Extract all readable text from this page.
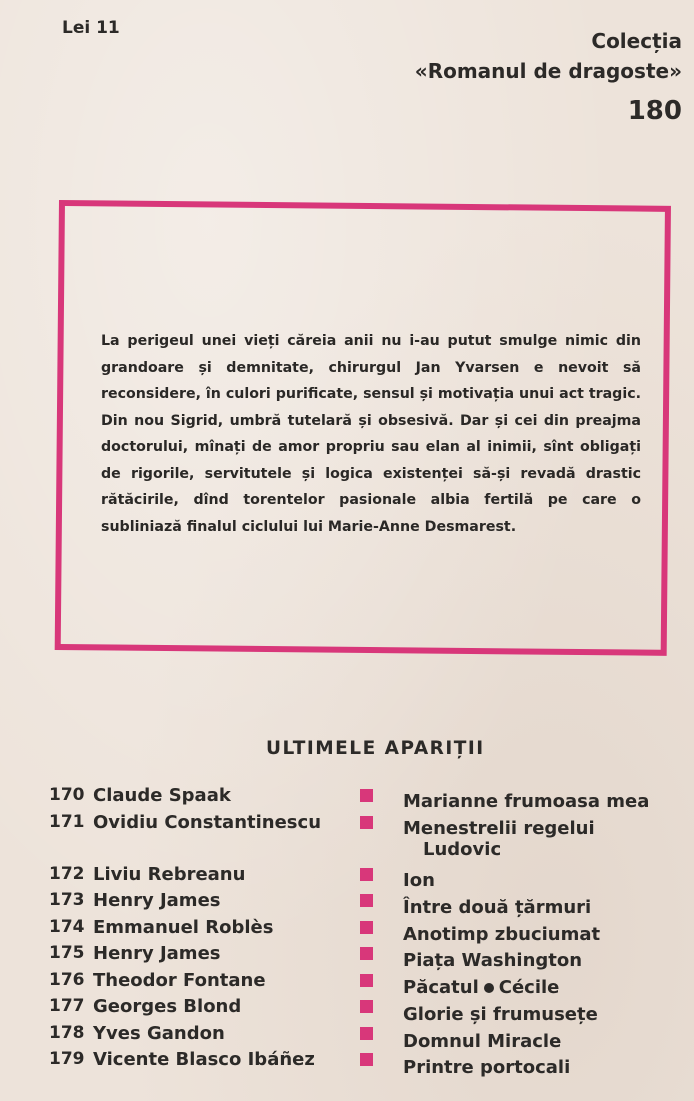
Lei 11
Colecția
«Romanul de dragoste»
180
La perigeul unei vieți căreia anii nu i-au putut smulge nimic din grandoare și demnitate, chirurgul Jan Yvarsen e nevoit să reconsidere, în culori purificate, sensul și motivația unui act tragic. Din nou Sigrid, umbră tutelară și obsesivă. Dar și cei din preajma doctorului, mînați de amor propriu sau elan al inimii, sînt obligați de rigorile, servitutele și logica existenței să-și revadă drastic rătăcirile, dînd torentelor pasionale albia fertilă pe care o subliniază finalul ciclului lui Marie-Anne Desmarest.
ULTIMELE APARIȚII
170 Claude Spaak	Marianne frumoasa mea
171 Ovidiu Constantinescu	Menestrelii regelui
Ludovic
172 Liviu Rebreanu	Ion
173 Henry James	Între două țărmuri
174 Emmanuel Roblès	Anotimp zbuciumat
175 Henry James	Piața Washington
176 Theodor Fontane	Păcatul Cécile
177 Georges Blond	Glorie și frumusețe
178 Yves Gandon	Domnul Miracle
179 Vicente Blasco Ibáñez	Printre portocali
